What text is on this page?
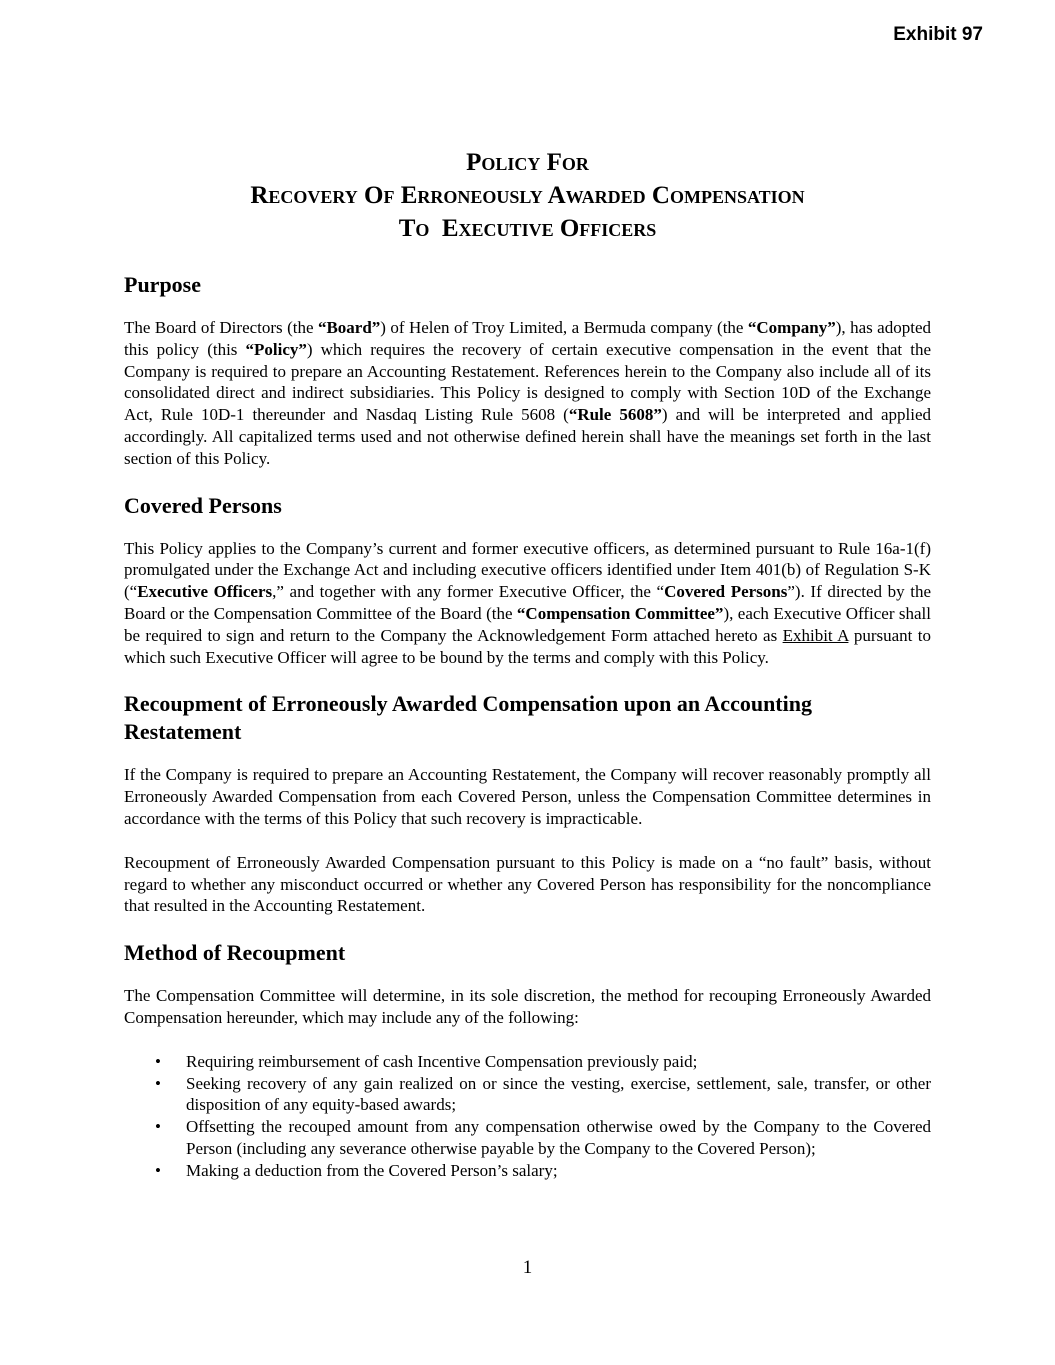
Exhibit 97
Policy For
Recovery Of Erroneously Awarded Compensation
To  Executive Officers
Purpose

The Board of Directors (the “Board”) of Helen of Troy Limited, a Bermuda company (the “Company”), has adopted this policy (this “Policy”) which requires the recovery of certain executive compensation in the event that the Company is required to prepare an Accounting Restatement. References herein to the Company also include all of its consolidated direct and indirect subsidiaries. This Policy is designed to comply with Section 10D of the Exchange Act, Rule 10D-1 thereunder and Nasdaq Listing Rule 5608 (“Rule 5608”) and will be interpreted and applied accordingly. All capitalized terms used and not otherwise defined herein shall have the meanings set forth in the last section of this Policy.

Covered Persons

This Policy applies to the Company’s current and former executive officers, as determined pursuant to Rule 16a-1(f) promulgated under the Exchange Act and including executive officers identified under Item 401(b) of Regulation S-K (“Executive Officers,” and together with any former Executive Officer, the “Covered Persons”). If directed by the Board or the Compensation Committee of the Board (the “Compensation Committee”), each Executive Officer shall be required to sign and return to the Company the Acknowledgement Form attached hereto as Exhibit A pursuant to which such Executive Officer will agree to be bound by the terms and comply with this Policy.

Recoupment of Erroneously Awarded Compensation upon an Accounting Restatement

If the Company is required to prepare an Accounting Restatement, the Company will recover reasonably promptly all Erroneously Awarded Compensation from each Covered Person, unless the Compensation Committee determines in accordance with the terms of this Policy that such recovery is impracticable.

Recoupment of Erroneously Awarded Compensation pursuant to this Policy is made on a “no fault” basis, without regard to whether any misconduct occurred or whether any Covered Person has responsibility for the noncompliance that resulted in the Accounting Restatement.

Method of Recoupment

The Compensation Committee will determine, in its sole discretion, the method for recouping Erroneously Awarded Compensation hereunder, which may include any of the following:

• Requiring reimbursement of cash Incentive Compensation previously paid;
• Seeking recovery of any gain realized on or since the vesting, exercise, settlement, sale, transfer, or other disposition of any equity-based awards;
• Offsetting the recouped amount from any compensation otherwise owed by the Company to the Covered Person (including any severance otherwise payable by the Company to the Covered Person);
• Making a deduction from the Covered Person’s salary;
1
